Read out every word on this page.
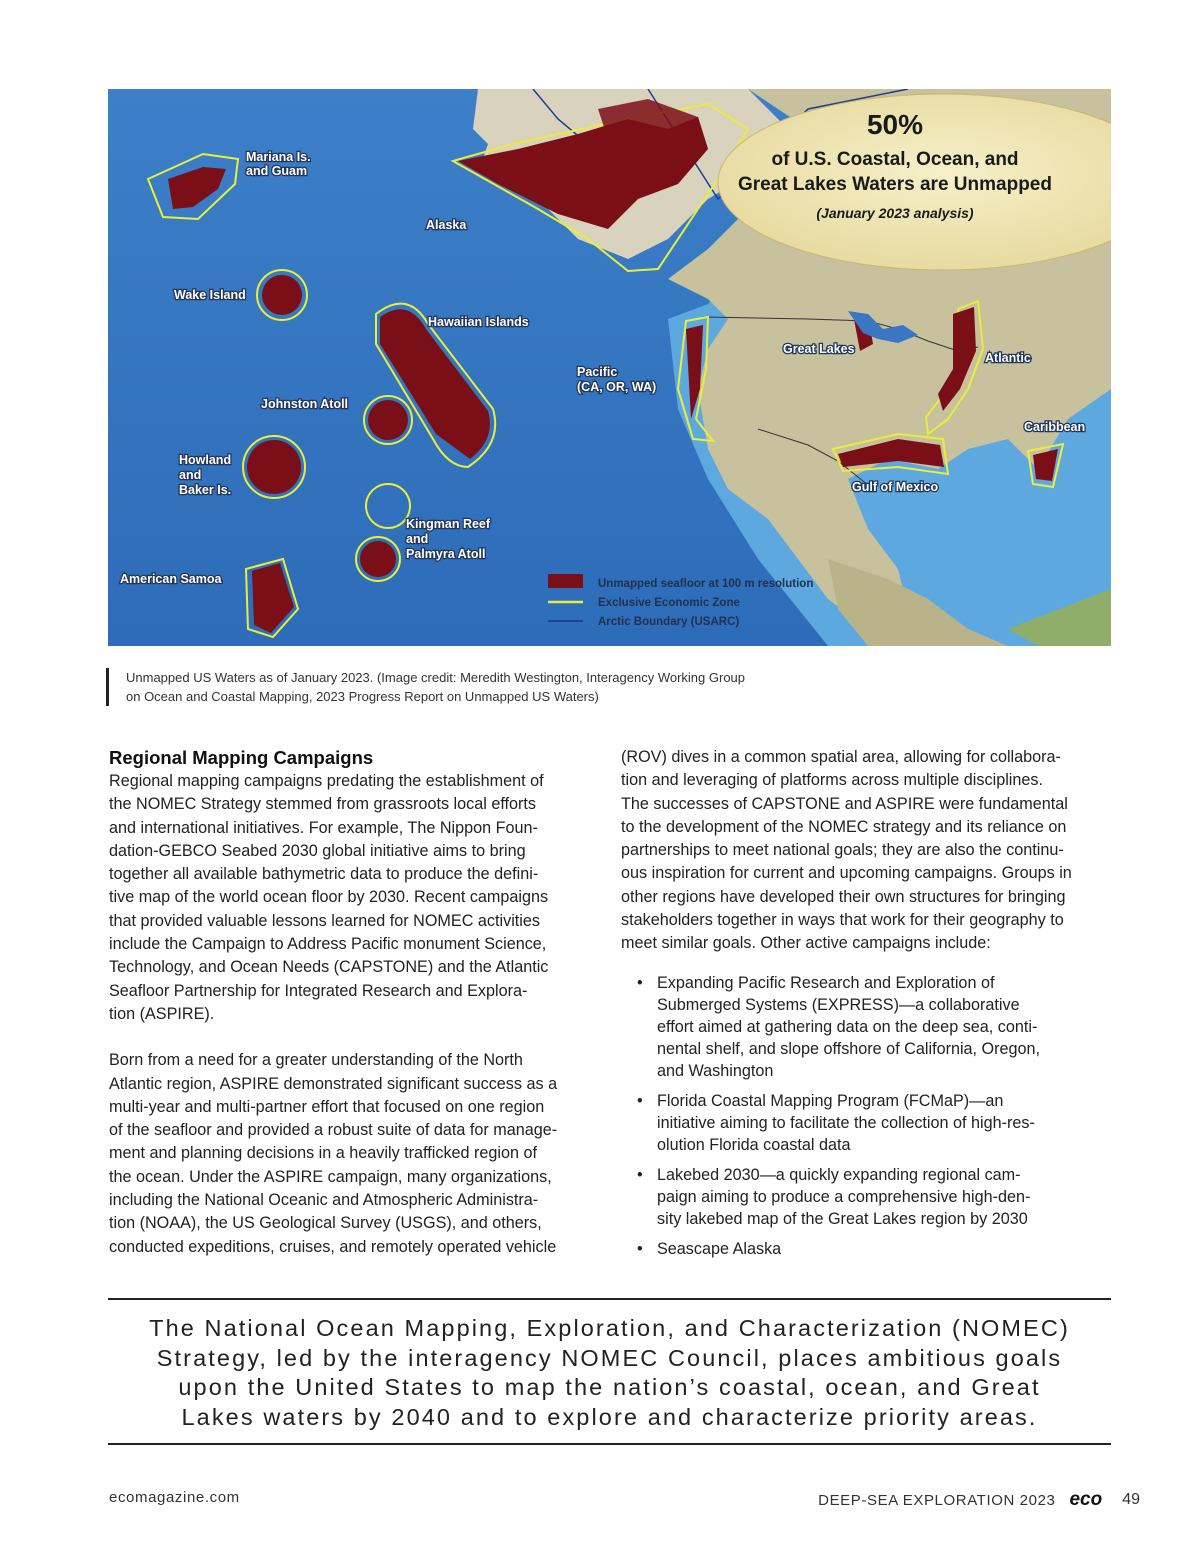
50%
of U.S. Coastal, Ocean, and
Great Lakes Waters are Unmapped
(January 2023 analysis)
Mariana Is.
and Guam
Alaska
Wake Island
Hawaiian Islands
Johnston Atoll
Howland
and
Baker Is.
Kingman Reef
and
Palmyra Atoll
American Samoa
Pacific
(CA, OR, WA)
Great Lakes
Atlantic
Caribbean
Gulf of Mexico
Unmapped seafloor at 100 m resolution
Exclusive Economic Zone
Arctic Boundary (USARC)
Unmapped US Waters as of January 2023. (Image credit: Meredith Westington, Interagency Working Group
on Ocean and Coastal Mapping, 2023 Progress Report on Unmapped US Waters)
Regional Mapping Campaigns

Regional mapping campaigns predating the establishment of

the NOMEC Strategy stemmed from grassroots local efforts

and international initiatives. For example, The Nippon Foun-

dation-GEBCO Seabed 2030 global initiative aims to bring

together all available bathymetric data to produce the defini-

tive map of the world ocean floor by 2030. Recent campaigns

that provided valuable lessons learned for NOMEC activities

include the Campaign to Address Pacific monument Science,

Technology, and Ocean Needs (CAPSTONE) and the Atlantic

Seafloor Partnership for Integrated Research and Explora-

tion (ASPIRE).

Born from a need for a greater understanding of the North

Atlantic region, ASPIRE demonstrated significant success as a

multi-year and multi-partner effort that focused on one region

of the seafloor and provided a robust suite of data for manage-

ment and planning decisions in a heavily trafficked region of

the ocean. Under the ASPIRE campaign, many organizations,

including the National Oceanic and Atmospheric Administra-

tion (NOAA), the US Geological Survey (USGS), and others,

conducted expeditions, cruises, and remotely operated vehicle

(ROV) dives in a common spatial area, allowing for collabora-

tion and leveraging of platforms across multiple disciplines.

The successes of CAPSTONE and ASPIRE were fundamental

to the development of the NOMEC strategy and its reliance on

partnerships to meet national goals; they are also the continu-

ous inspiration for current and upcoming campaigns. Groups in

other regions have developed their own structures for bringing

stakeholders together in ways that work for their geography to

meet similar goals. Other active campaigns include:

• Expanding Pacific Research and Exploration of
Submerged Systems (EXPRESS)—a collaborative
effort aimed at gathering data on the deep sea, conti-
nental shelf, and slope offshore of California, Oregon,
and Washington
• Florida Coastal Mapping Program (FCMaP)—an
initiative aiming to facilitate the collection of high-res-
olution Florida coastal data
• Lakebed 2030—a quickly expanding regional cam-
paign aiming to produce a comprehensive high-den-
sity lakebed map of the Great Lakes region by 2030
• Seascape Alaska
The National Ocean Mapping, Exploration, and Characterization (NOMEC)
Strategy, led by the interagency NOMEC Council, places ambitious goals
upon the United States to map the nation’s coastal, ocean, and Great
Lakes waters by 2040 and to explore and characterize priority areas.
ecomagazine.com	DEEP-SEA EXPLORATION 2023 eco 49
